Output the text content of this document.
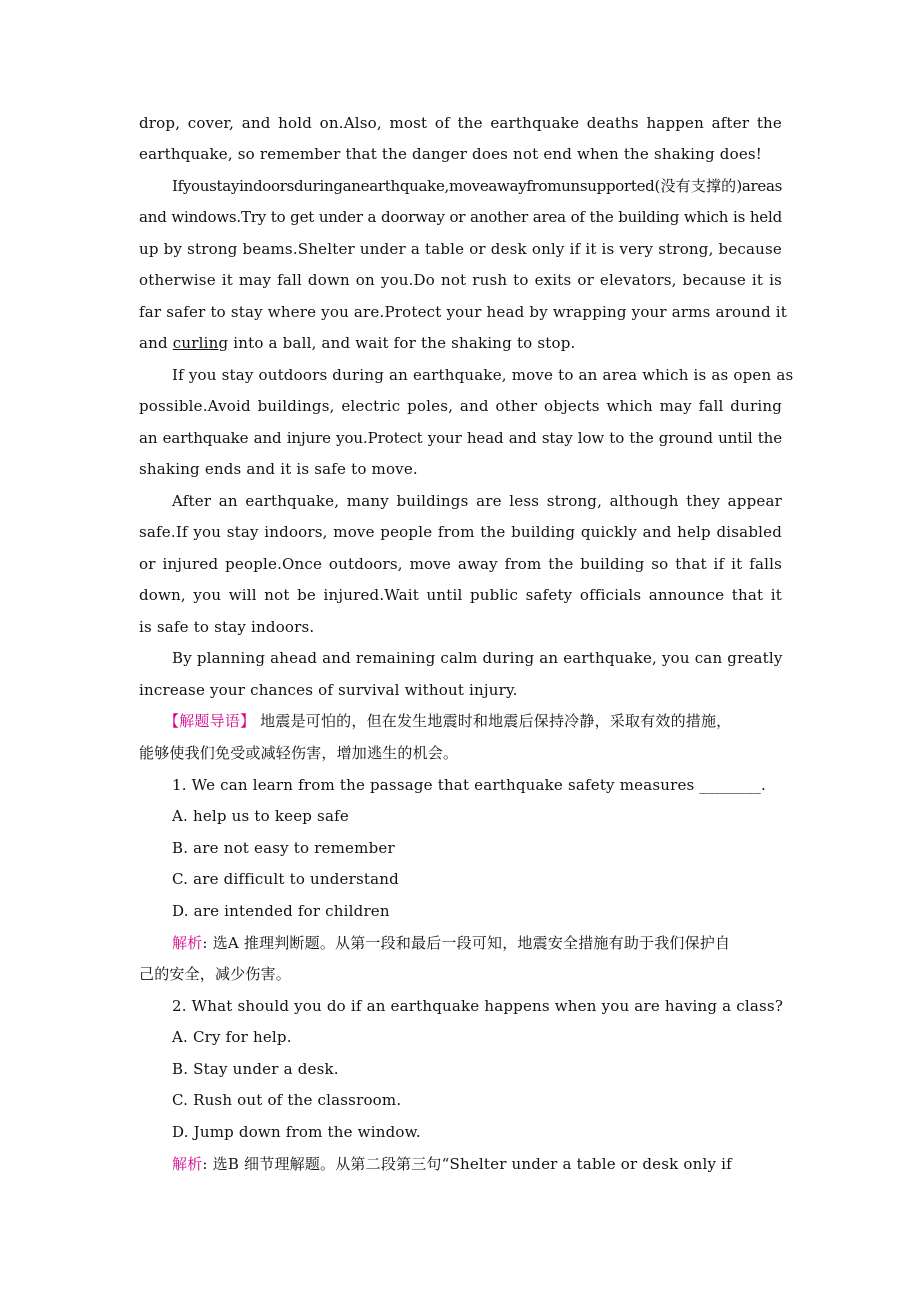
drop, cover, and hold on.Also, most of the earthquake deaths happen after the
earthquake, so remember that the danger does not end when the shaking does!
Ifyoustayindoorsduringanearthquake,moveawayfromunsupported(没有支撑的)areas
and windows.Try to get under a doorway or another area of the building which is held
up by strong beams.Shelter under a table or desk only if it is very strong, because
otherwise it may fall down on you.Do not rush to exits or elevators, because it is
far safer to stay where you are.Protect your head by wrapping your arms around it
and curling into a ball, and wait for the shaking to stop.
If you stay outdoors during an earthquake, move to an area which is as open as
possible.Avoid buildings, electric poles, and other objects which may fall during
an earthquake and injure you.Protect your head and stay low to the ground until the
shaking ends and it is safe to move.
After an earthquake, many buildings are less strong, although they appear
safe.If you stay indoors, move people from the building quickly and help disabled
or injured people.Once outdoors, move away from the building so that if it falls
down, you will not be injured.Wait until public safety officials announce that it
is safe to stay indoors.
By planning ahead and remaining calm during an earthquake, you can greatly
increase your chances of survival without injury.
【解题导语】 地震是可怕的，但在发生地震时和地震后保持冷静，采取有效的措施，
能够使我们免受或减轻伤害，增加逃生的机会。
1. We can learn from the passage that earthquake safety measures ________.
A. help us to keep safe
B. are not easy to remember
C. are difficult to understand
D. are intended for children
解析: 选A 推理判断题。从第一段和最后一段可知，地震安全措施有助于我们保护自
己的安全，减少伤害。
2. What should you do if an earthquake happens when you are having a class?
A. Cry for help.
B. Stay under a desk.
C. Rush out of the classroom.
D. Jump down from the window.
解析: 选B 细节理解题。从第二段第三句“Shelter under a table or desk only if
